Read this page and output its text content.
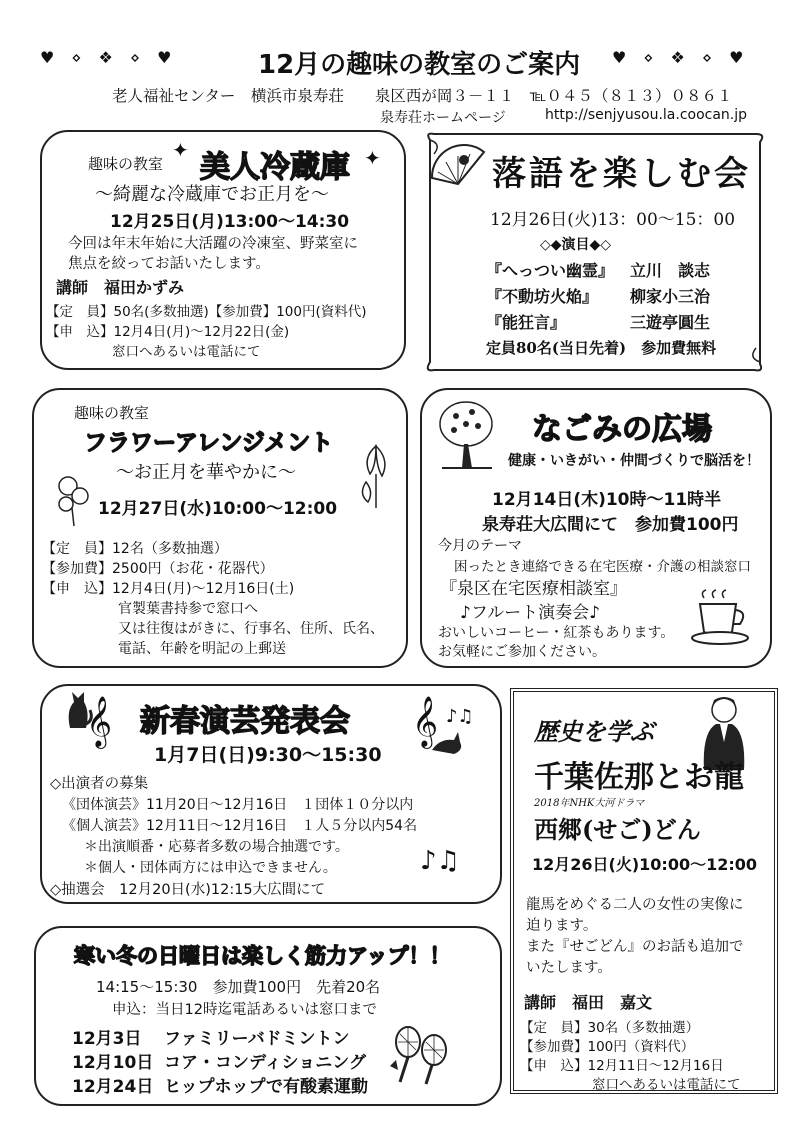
♥ ⋄ ❖ ⋄ ♥	12月の趣味の教室のご案内 ♥ ⋄ ❖ ⋄ ♥
老人福祉センター　横浜市泉寿荘　　泉区西が岡３－１１　℡０４５（８１３）０８６１
泉寿荘ホームページ	http://senjyusou.la.coocan.jp
趣味の教室 美人冷蔵庫
✦	✦
～綺麗な冷蔵庫でお正月を～
12月25日(月)13:00～14:30
今回は年末年始に大活躍の冷凍室、野菜室に
焦点を絞ってお話いたします。
講師　福田かずみ
【定　員】50名(多数抽選)【参加費】100円(資料代)
【申　込】12月4日(月)～12月22日(金)
窓口へあるいは電話にて
落語を楽しむ会
12月26日(火)13：00～15：00
◇◆演目◆◇
『へっつい幽霊』 立川　談志
『不動坊火焔』 柳家小三治
『能狂言』	三遊亭圓生
定員80名(当日先着)　参加費無料
趣味の教室
フラワーアレンジメント
～お正月を華やかに～
12月27日(水)10:00～12:00
【定　員】12名（多数抽選）
【参加費】2500円（お花・花器代）
【申　込】12月4日(月)～12月16日(土)
官製葉書持参で窓口へ
又は往復はがきに、行事名、住所、氏名、
電話、年齢を明記の上郵送
なごみの広場
健康・いきがい・仲間づくりで脳活を！
12月14日(木)10時～11時半
泉寿荘大広間にて　参加費100円
今月のテーマ
困ったとき連絡できる在宅医療・介護の相談窓口
『泉区在宅医療相談室』
♪フルート演奏会♪
おいしいコーヒー・紅茶もあります。
お気軽にご参加ください。
𝄞 新春演芸発表会 𝄞 ♪♫
1月7日(日)9:30～15:30
◇出演者の募集
《団体演芸》11月20日～12月16日　１団体１０分以内
《個人演芸》12月11日～12月16日　１人５分以内54名
＊出演順番・応募者多数の場合抽選です。
＊個人・団体両方には申込できません。
◇抽選会　12月20日(水)12:15大広間にて
♪♫
歴史を学ぶ
千葉佐那とお龍
2018年NHK大河ドラマ
西郷(せご)どん
12月26日(火)10:00～12:00
龍馬をめぐる二人の女性の実像に
迫ります。
また『せごどん』のお話も追加で
いたします。
講師　福田　嘉文
【定　員】30名（多数抽選）
【参加費】100円（資料代）
【申　込】12月11日～12月16日
窓口へあるいは電話にて
寒い冬の日曜日は楽しく筋力アップ！！
14:15～15:30　参加費100円　先着20名
申込：当日12時迄電話あるいは窓口まで
12月3日 ファミリーバドミントン
12月10日 コア・コンディショニング
12月24日 ヒップホップで有酸素運動
